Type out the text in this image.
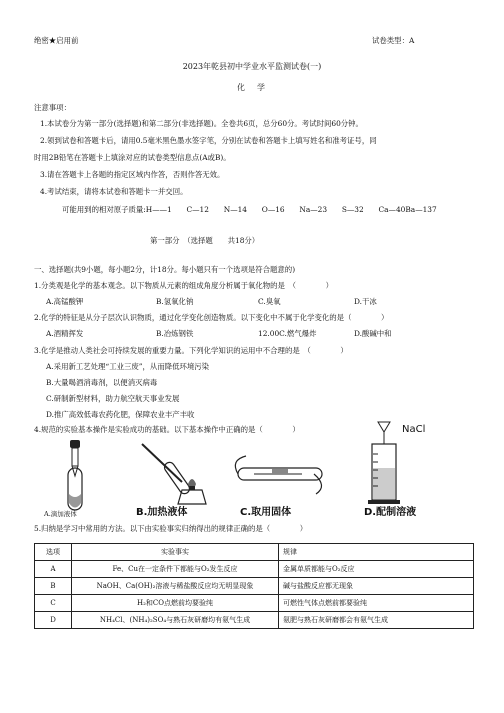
绝密★启用前	试卷类型：A
2023年乾县初中学业水平监测试卷(一)
化　学
注意事项：
1.本试卷分为第一部分(选择题)和第二部分(非选择题)。全卷共6页，总分60分。考试时间60分钟。
2.领到试卷和答题卡后，请用0.5毫米黑色墨水签字笔，分别在试卷和答题卡上填写姓名和准考证号，同
时用2B铅笔在答题卡上填涂对应的试卷类型信息点(A或B)。
3.请在答题卡上各题的指定区域内作答，否则作答无效。
4.考试结束，请将本试卷和答题卡一并交回。
可能用到的相对原子质量:H——1　　C—12　　N—14　　O—16　　Na—23　　S—32　　Ca—40Ba—137
第一部分　（选择题　　共18分）
一、选择题(共9小题，每小题2分，计18分。每小题只有一个选项是符合题意的)
1.分类观是化学的基本观念。以下物质从元素的组成角度分析属于氧化物的是　（　　　　）
A.高锰酸钾	B.氢氧化钠	C.臭氧	D.干冰
2.化学的特征是从分子层次认识物质，通过化学变化创造物质。以下变化中不属于化学变化的是（　　　　）
A.酒精挥发	B.冶炼钢铁	12.00C.燃气爆炸	D.酸碱中和
3.化学是推动人类社会可持续发展的重要力量。下列化学知识的运用中不合理的是　（　　　　）
A.采用新工艺处理“工业三废”，从而降低环境污染
B.大量喝酒消毒剂，以便消灭病毒
C.研制新型材料，助力航空航天事业发展
D.推广高效低毒农药化肥，保障农业丰产丰收
4.规范的实验基本操作是实验成功的基础。以下基本操作中正确的是（　　　　）
A.滴加液体	B.加热液体	C.取用固体
NaCl
D.配制溶液
5.归纳是学习中常用的方法。以下由实验事实归纳得出的规律正确的是（　　　　）
选项	实验事实	规律
A	Fe、Cu在一定条件下都能与O₂发生反应	金属单质都能与O₂反应
B	NaOH、Ca(OH)₂溶液与稀盐酸反应均无明显现象	碱与盐酸反应都无现象
C	H₂和CO点燃前均要验纯	可燃性气体点燃前都要验纯
D	NH₄Cl、(NH₄)₂SO₄与熟石灰研磨均有氨气生成	氨肥与熟石灰研磨都会有氨气生成
